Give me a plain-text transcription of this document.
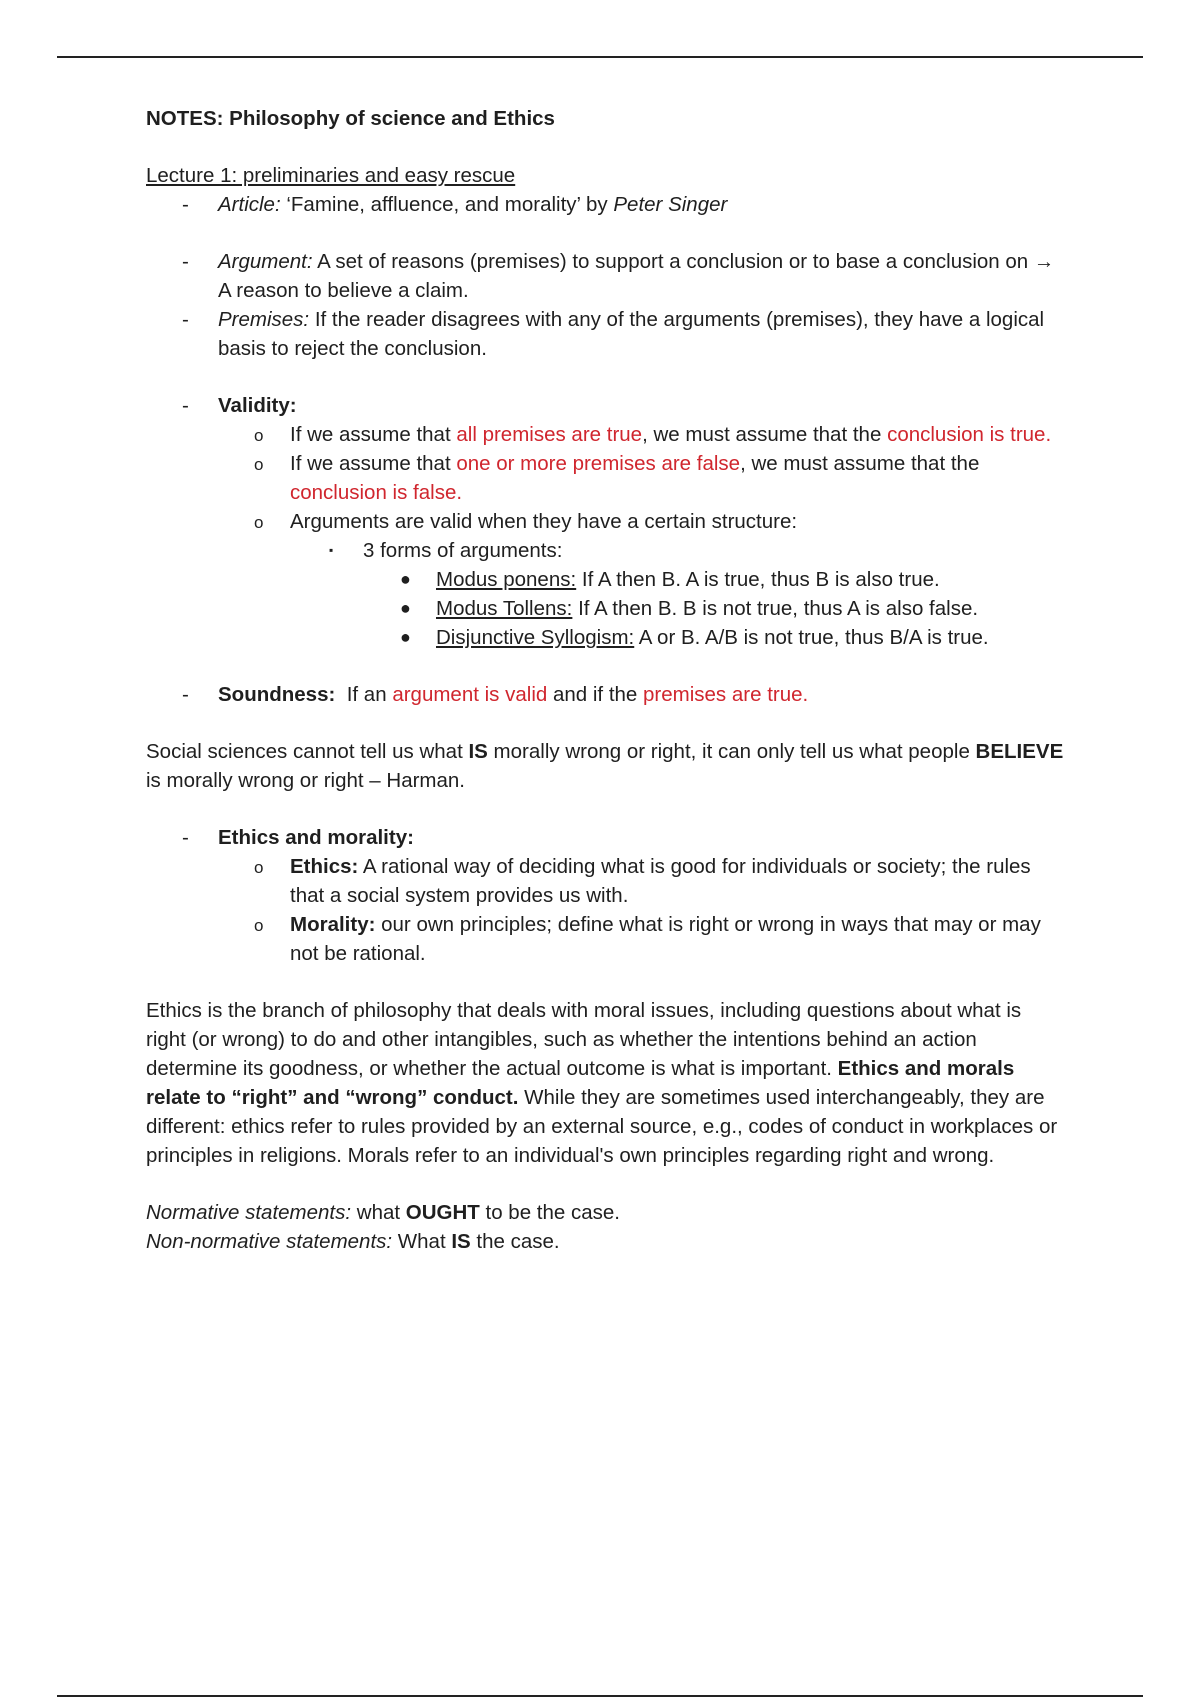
NOTES: Philosophy of science and Ethics
Lecture 1: preliminaries and easy rescue
- Article: ‘Famine, affluence, and morality’ by Peter Singer
- Argument: A set of reasons (premises) to support a conclusion or to base a conclusion on → A reason to believe a claim.
- Premises: If the reader disagrees with any of the arguments (premises), they have a logical basis to reject the conclusion.
- Validity:
o If we assume that all premises are true, we must assume that the conclusion is true.
o If we assume that one or more premises are false, we must assume that the conclusion is false.
o Arguments are valid when they have a certain structure:
▪ 3 forms of arguments:
● Modus ponens: If A then B. A is true, thus B is also true.
● Modus Tollens: If A then B. B is not true, thus A is also false.
● Disjunctive Syllogism: A or B. A/B is not true, thus B/A is true.
- Soundness:  If an argument is valid and if the premises are true.

Social sciences cannot tell us what IS morally wrong or right, it can only tell us what people BELIEVE is morally wrong or right – Harman.

- Ethics and morality:
o Ethics: A rational way of deciding what is good for individuals or society; the rules that a social system provides us with.
o Morality: our own principles; define what is right or wrong in ways that may or may not be rational.

Ethics is the branch of philosophy that deals with moral issues, including questions about what is right (or wrong) to do and other intangibles, such as whether the intentions behind an action determine its goodness, or whether the actual outcome is what is important. Ethics and morals relate to “right” and “wrong” conduct. While they are sometimes used interchangeably, they are different: ethics refer to rules provided by an external source, e.g., codes of conduct in workplaces or principles in religions. Morals refer to an individual's own principles regarding right and wrong.

Normative statements: what OUGHT to be the case.
Non-normative statements: What IS the case.
